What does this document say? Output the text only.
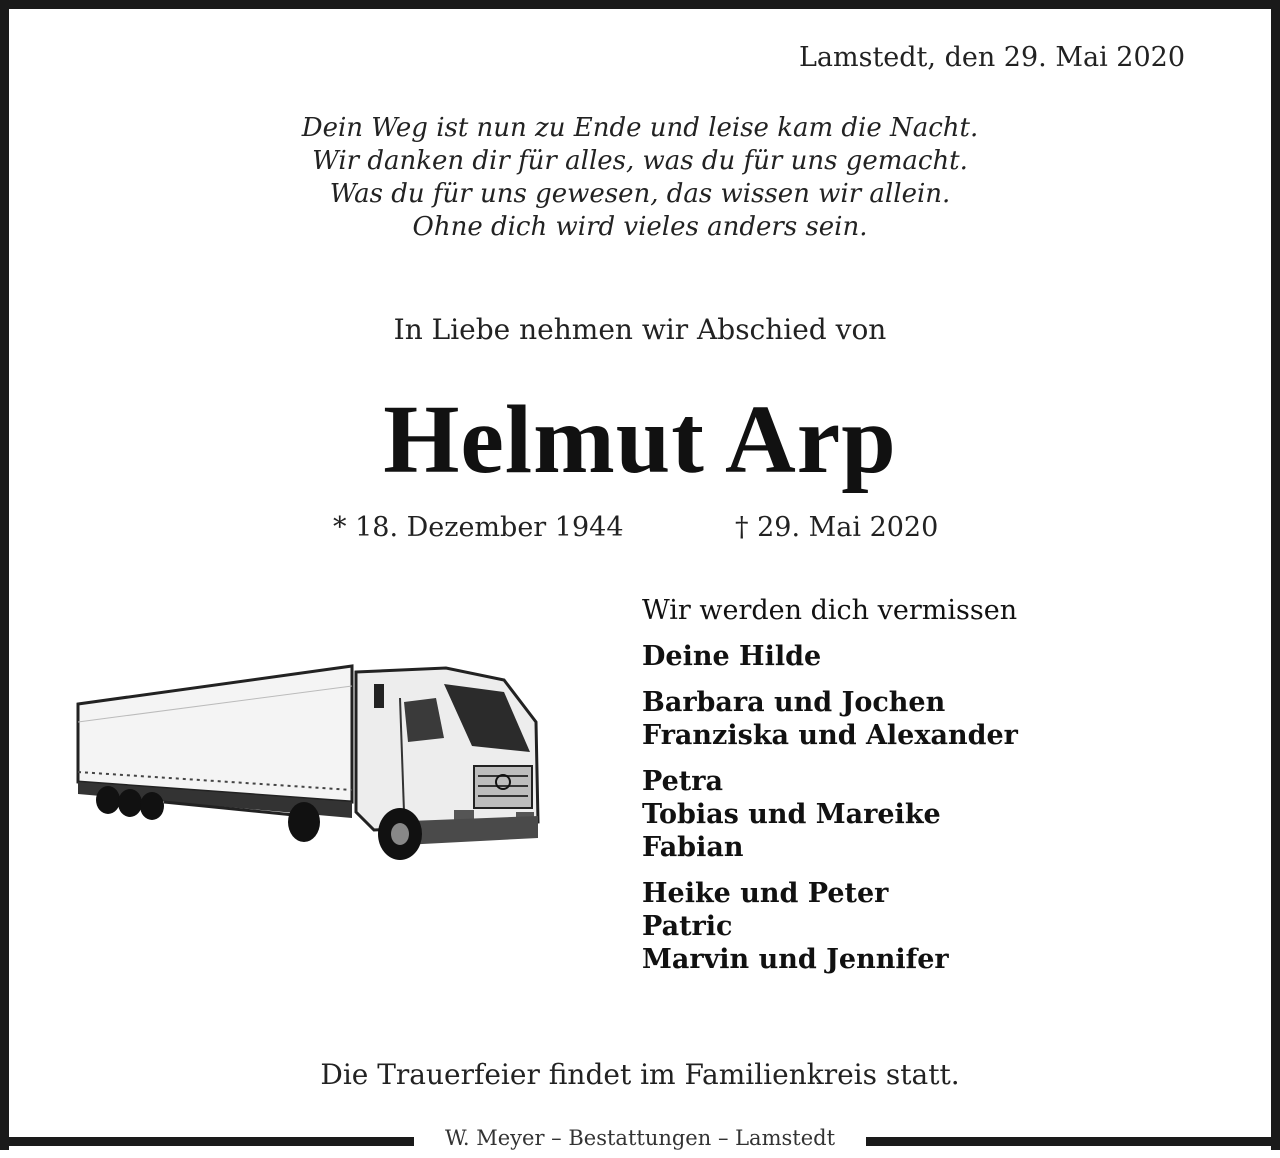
Lamstedt, den 29. Mai 2020
Dein Weg ist nun zu Ende und leise kam die Nacht.
Wir danken dir für alles, was du für uns gemacht.
Was du für uns gewesen, das wissen wir allein.
Ohne dich wird vieles anders sein.
In Liebe nehmen wir Abschied von
Helmut Arp
* 18. Dezember 1944	† 29. Mai 2020
Wir werden dich vermissen
Deine Hilde
Barbara und Jochen
Franziska und Alexander
Petra
Tobias und Mareike
Fabian
Heike und Peter
Patric
Marvin und Jennifer
Die Trauerfeier findet im Familienkreis statt.
W. Meyer – Bestattungen – Lamstedt
